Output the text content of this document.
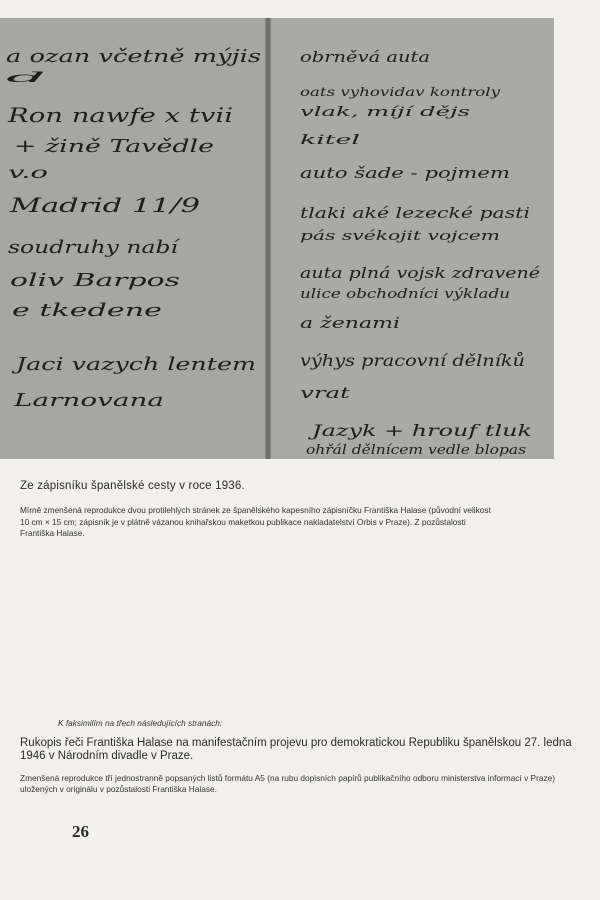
a ozan včetně mýjis
d
Ron nawfe x tvii
+ žině Tavědle
v.o
Madrid 11/9
soudruhy nabí
oliv Barpos
e tkedene
Jaci vazych lentem
Larnovana
obrněvá auta
oats vyhovidav kontroly
vlak, míjí dějs
kitel
auto šade - pojmem
tlaki aké lezecké pasti
pás svékojit vojcem
auta plná vojsk zdravené
ulice obchodníci výkladu
a ženami
výhys pracovní dělníků
vrat
Jazyk + hrouf tluk
ohřál dělnícem vedle blopas
Ze zápisníku španělské cesty v roce 1936.
Mírně zmenšená reprodukce dvou protilehlých stránek ze španělského kapesního zápisníčku Františka Halase (původní velikost 10 cm × 15 cm; zápisník je v plátně vázanou knihařskou maketkou publikace nakladatelství Orbis v Praze). Z pozůstalosti Františka Halase.
K faksimilím na třech následujících stranách:
Rukopis řeči Františka Halase na manifestačním projevu pro demokratickou Republiku španělskou 27. ledna 1946 v Národním divadle v Praze.
Zmenšená reprodukce tří jednostranně popsaných listů formátu A5 (na rubu dopisních papírů publikačního odboru ministerstva informací v Praze) uložených v originálu v pozůstalosti Františka Halase.
26
